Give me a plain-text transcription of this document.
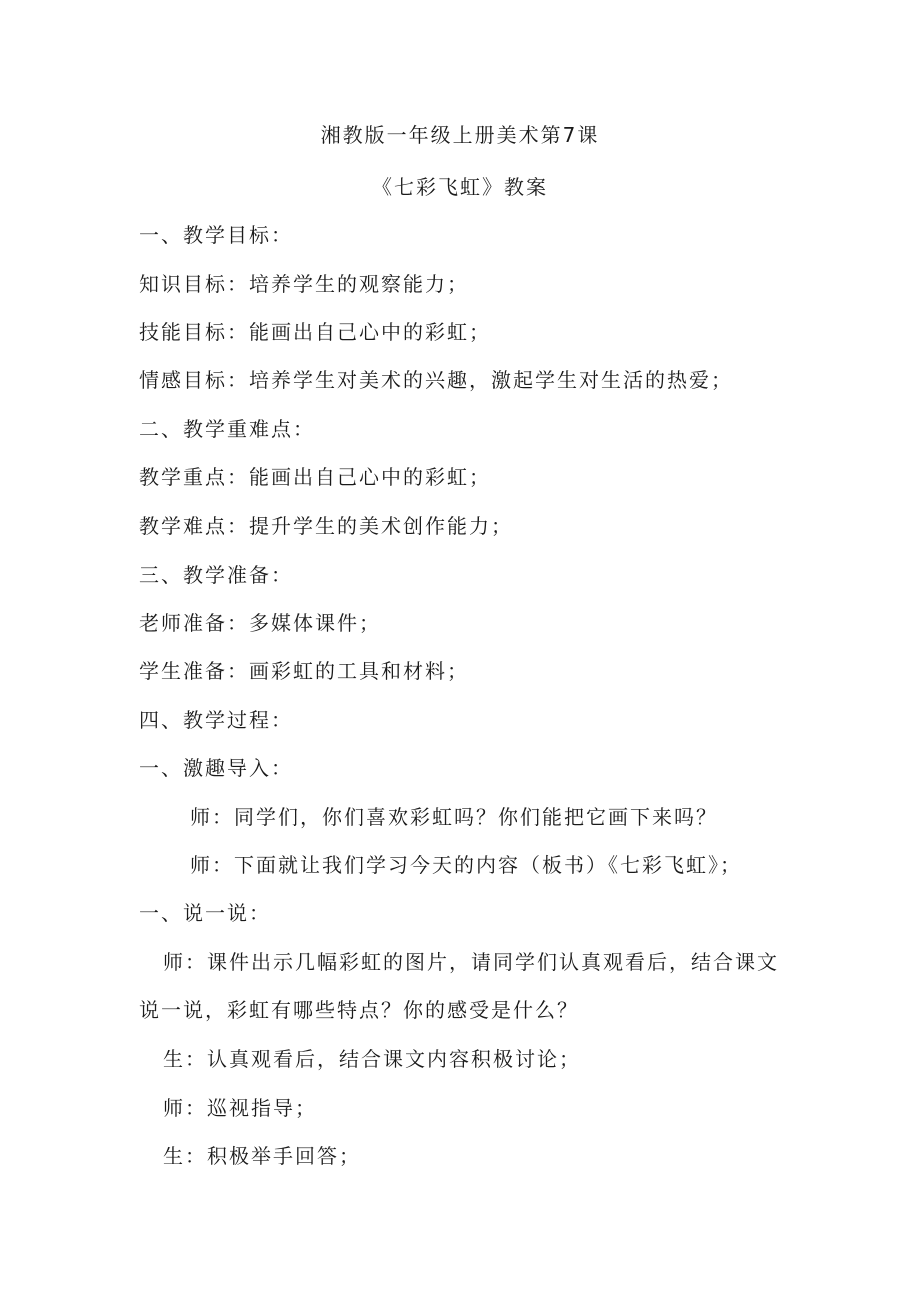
湘教版一年级上册美术第7课
《七彩飞虹》教案
一、教学目标：
知识目标：培养学生的观察能力；
技能目标：能画出自己心中的彩虹；
情感目标：培养学生对美术的兴趣，激起学生对生活的热爱；
二、教学重难点：
教学重点：能画出自己心中的彩虹；
教学难点：提升学生的美术创作能力；
三、教学准备：
老师准备：多媒体课件；
学生准备：画彩虹的工具和材料；
四、教学过程：
一、激趣导入：
师：同学们，你们喜欢彩虹吗？你们能把它画下来吗？
师：下面就让我们学习今天的内容（板书）《七彩飞虹》；
一、说一说：
师：课件出示几幅彩虹的图片，请同学们认真观看后，结合课文
说一说，彩虹有哪些特点？你的感受是什么？
生：认真观看后，结合课文内容积极讨论；
师：巡视指导；
生：积极举手回答；
